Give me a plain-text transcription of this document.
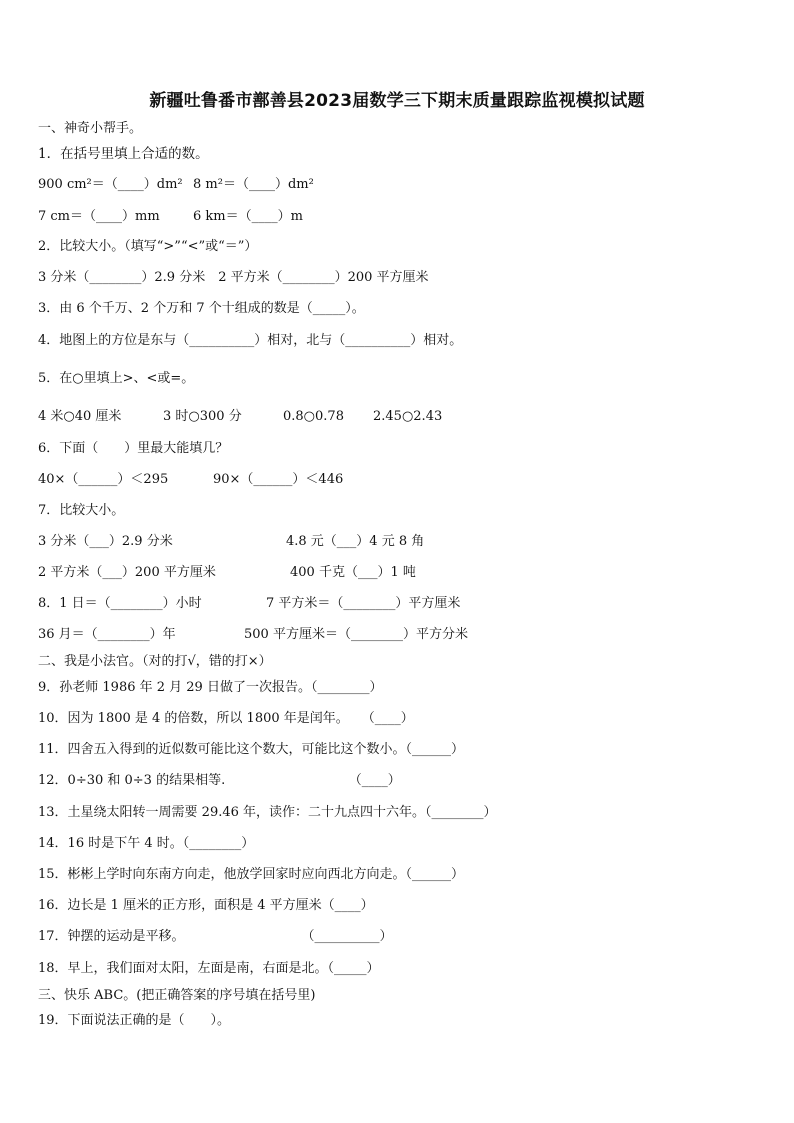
新疆吐鲁番市鄯善县2023届数学三下期末质量跟踪监视模拟试题
一、神奇小帮手。
1．在括号里填上合适的数。
900 cm²＝（____）dm² 8 m²＝（____）dm²
7 cm＝（____）mm	6 km＝（____）m
2．比较大小。（填写“>”“<”或“＝”）
3 分米（________）2.9 分米　2 平方米（________）200 平方厘米
3．由 6 个千万、2 个万和 7 个十组成的数是（_____）。
4．地图上的方位是东与（__________）相对，北与（__________）相对。
5．在○里填上>、<或=。
4 米○40 厘米	3 时○300 分	0.8○0.78 2.45○2.43
6．下面（　　）里最大能填几？
40×（______）＜295	90×（______）＜446
7．比较大小。
3 分米（___）2.9 分米	4.8 元（___）4 元 8 角
2 平方米（___）200 平方厘米	400 千克（___）1 吨
8．1 日＝（________）小时	7 平方米＝（________）平方厘米
36 月＝（________）年	500 平方厘米＝（________）平方分米
二、我是小法官。（对的打√，错的打×）
9．孙老师 1986 年 2 月 29 日做了一次报告。（________）
10．因为 1800 是 4 的倍数，所以 1800 年是闰年。　　（____）
11．四舍五入得到的近似数可能比这个数大，可能比这个数小。（______）
12．0÷30 和 0÷3 的结果相等.　　　　　　　　　　（____）
13．土星绕太阳转一周需要 29.46 年，读作：二十九点四十六年。（________）
14．16 时是下午 4 时。（________）
15．彬彬上学时向东南方向走，他放学回家时应向西北方向走。（______）
16．边长是 1 厘米的正方形，面积是 4 平方厘米（____）
17．钟摆的运动是平移。　　　　　　　　　　（__________）
18．早上，我们面对太阳，左面是南，右面是北。（_____）
三、快乐 ABC。(把正确答案的序号填在括号里)
19．下面说法正确的是（　　）。
